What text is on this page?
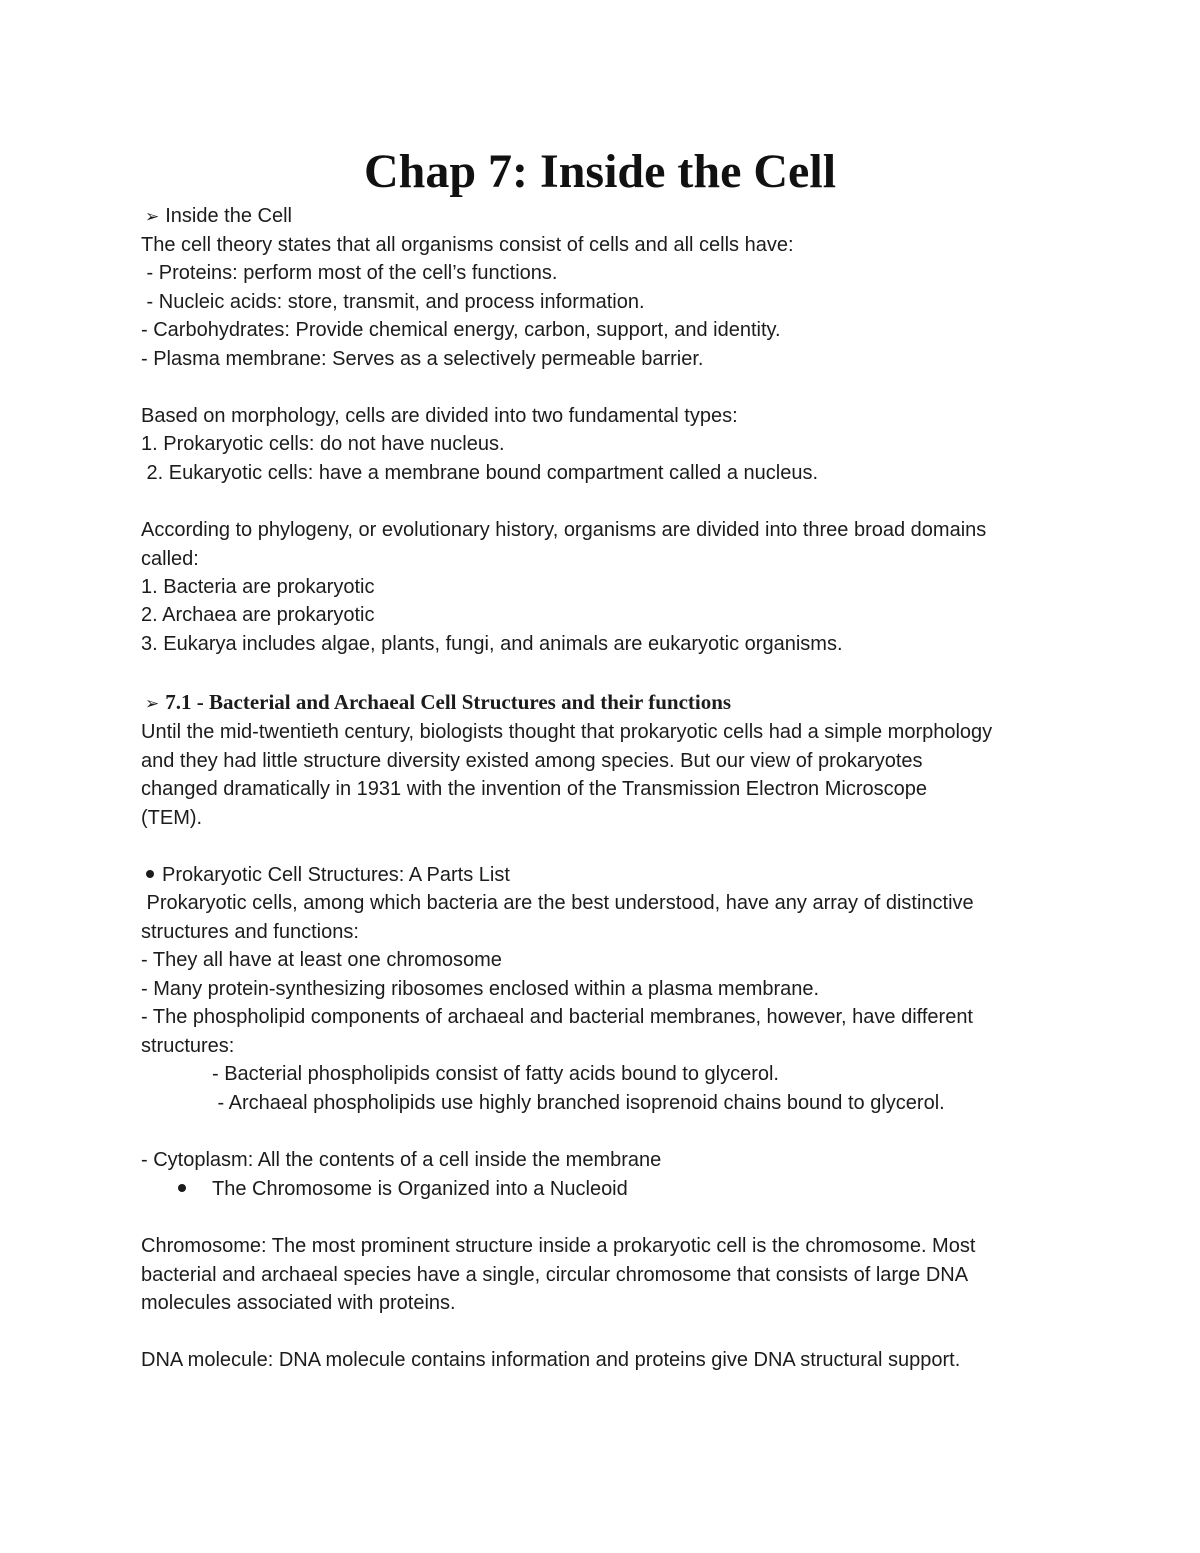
Chap 7: Inside the Cell
➢ Inside the Cell
The cell theory states that all organisms consist of cells and all cells have:
- Proteins: perform most of the cell’s functions.
- Nucleic acids: store, transmit, and process information.
- Carbohydrates: Provide chemical energy, carbon, support, and identity.
- Plasma membrane: Serves as a selectively permeable barrier.
Based on morphology, cells are divided into two fundamental types:
1. Prokaryotic cells: do not have nucleus.
2. Eukaryotic cells: have a membrane bound compartment called a nucleus.
According to phylogeny, or evolutionary history, organisms are divided into three broad domains
called:
1. Bacteria are prokaryotic
2. Archaea are prokaryotic
3. Eukarya includes algae, plants, fungi, and animals are eukaryotic organisms.
➢ 7.1 - Bacterial and Archaeal Cell Structures and their functions
Until the mid-twentieth century, biologists thought that prokaryotic cells had a simple morphology
and they had little structure diversity existed among species. But our view of prokaryotes
changed dramatically in 1931 with the invention of the Transmission Electron Microscope
(TEM).
Prokaryotic Cell Structures: A Parts List
Prokaryotic cells, among which bacteria are the best understood, have any array of distinctive
structures and functions:
- They all have at least one chromosome
- Many protein-synthesizing ribosomes enclosed within a plasma membrane.
- The phospholipid components of archaeal and bacterial membranes, however, have different
structures:
- Bacterial phospholipids consist of fatty acids bound to glycerol.
- Archaeal phospholipids use highly branched isoprenoid chains bound to glycerol.
- Cytoplasm: All the contents of a cell inside the membrane
The Chromosome is Organized into a Nucleoid
Chromosome: The most prominent structure inside a prokaryotic cell is the chromosome. Most
bacterial and archaeal species have a single, circular chromosome that consists of large DNA
molecules associated with proteins.
DNA molecule: DNA molecule contains information and proteins give DNA structural support.
